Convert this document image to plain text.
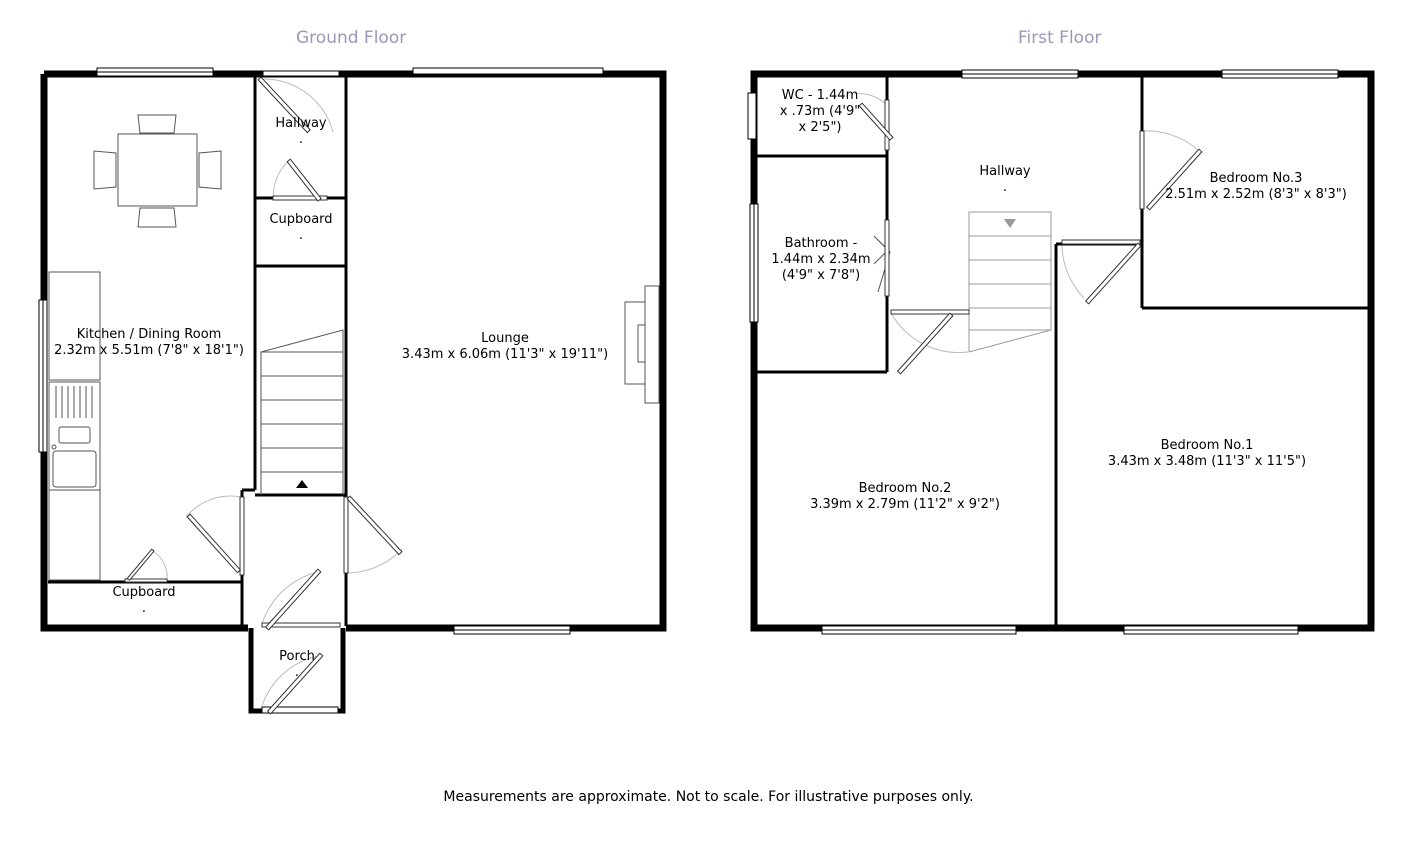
Ground Floor	First Floor
Kitchen / Dining Room
2.32m x 5.51m (7'8" x 18'1")
Lounge
3.43m x 6.06m (11'3" x 19'11")
Hallway
.
Cupboard
.
Cupboard
.
Porch
.
WC - 1.44m
x .73m (4'9"
x 2'5")
Bathroom -
1.44m x 2.34m
(4'9" x 7'8")
Hallway
.
Bedroom No.3
2.51m x 2.52m (8'3" x 8'3")
Bedroom No.1
3.43m x 3.48m (11'3" x 11'5")
Bedroom No.2
3.39m x 2.79m (11'2" x 9'2")
Measurements are approximate. Not to scale. For illustrative purposes only.
